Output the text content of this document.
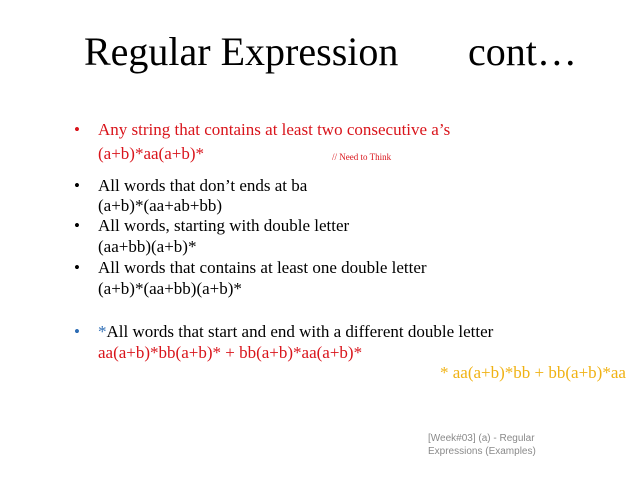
Regular Expression cont…
• Any string that contains at least two consecutive a’s
(a+b)*aa(a+b)*	// Need to Think
• All words that don’t ends at ba
(a+b)*(aa+ab+bb)
• All words, starting with double letter
(aa+bb)(a+b)*
• All words that contains at least one double letter
(a+b)*(aa+bb)(a+b)*
• *All words that start and end with a different double letter
aa(a+b)*bb(a+b)* + bb(a+b)*aa(a+b)*
* aa(a+b)*bb + bb(a+b)*aa
[Week#03] (a) - Regular
Expressions (Examples)
